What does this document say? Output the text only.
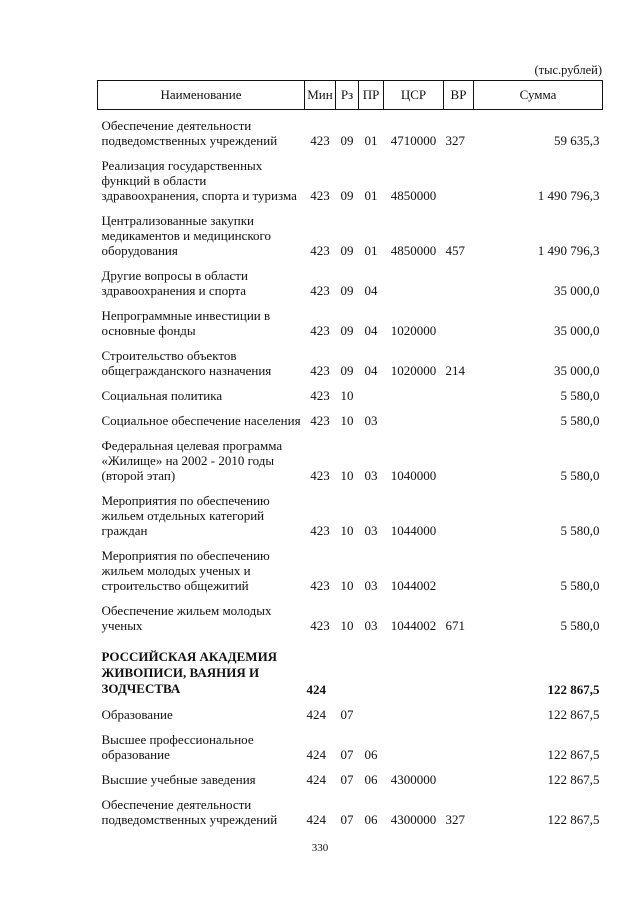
(тыс.рублей)
Наименование	Мин	Рз	ПР	ЦСР	ВР	Сумма
Обеспечение деятельности подведомственных учреждений	423	09	01	4710000	327	59 635,3
Реализация государственных функций в области здравоохранения, спорта и туризма	423	09	01	4850000		1 490 796,3
Централизованные закупки медикаментов и медицинского оборудования	423	09	01	4850000	457	1 490 796,3
Другие вопросы в области здравоохранения и спорта	423	09	04			35 000,0
Непрограммные инвестиции в основные фонды	423	09	04	1020000		35 000,0
Строительство объектов общегражданского назначения	423	09	04	1020000	214	35 000,0
Социальная политика	423	10				5 580,0
Социальное обеспечение населения	423	10	03			5 580,0
Федеральная целевая программа «Жилище» на 2002 - 2010 годы (второй этап)	423	10	03	1040000		5 580,0
Мероприятия по обеспечению жильем отдельных категорий граждан	423	10	03	1044000		5 580,0
Мероприятия по обеспечению жильем молодых ученых и строительство общежитий	423	10	03	1044002		5 580,0
Обеспечение жильем молодых ученых	423	10	03	1044002	671	5 580,0

РОССИЙСКАЯ АКАДЕМИЯ ЖИВОПИСИ, ВАЯНИЯ И ЗОДЧЕСТВА	424					122 867,5
Образование	424	07				122 867,5
Высшее профессиональное образование	424	07	06			122 867,5
Высшие учебные заведения	424	07	06	4300000		122 867,5
Обеспечение деятельности подведомственных учреждений	424	07	06	4300000	327	122 867,5
330
